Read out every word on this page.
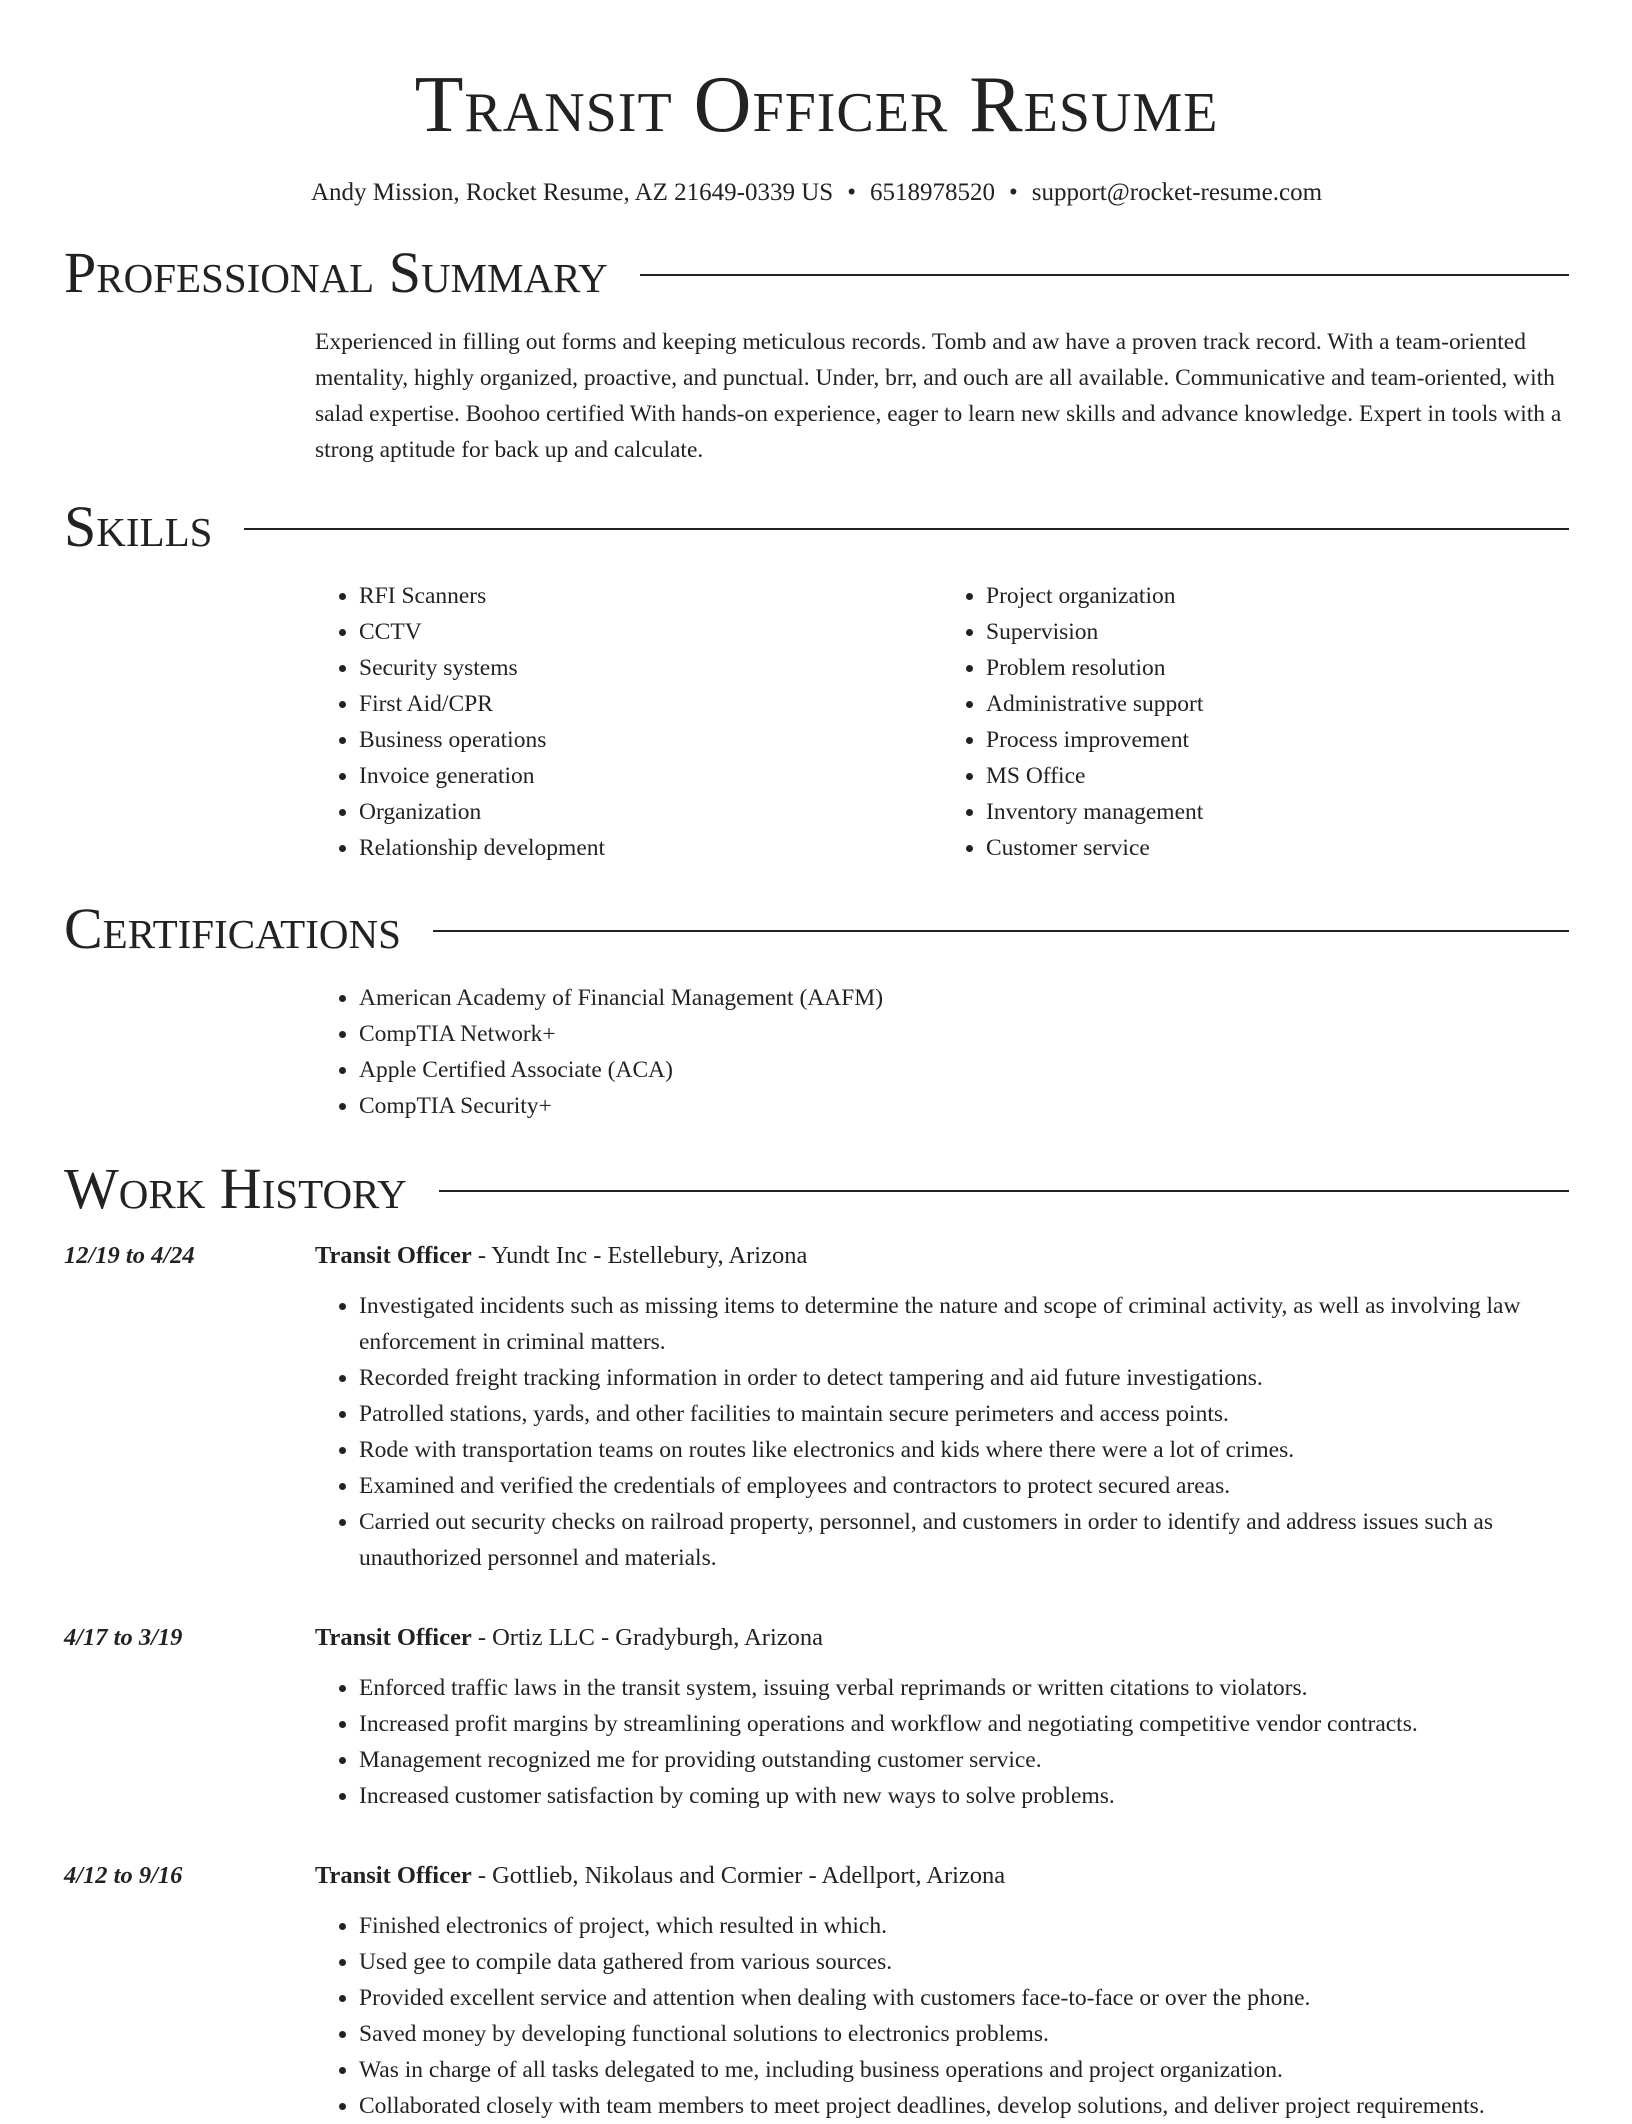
Transit Officer Resume
Andy Mission, Rocket Resume, AZ 21649-0339 US • 6518978520 • support@rocket-resume.com
Professional Summary

Experienced in filling out forms and keeping meticulous records. Tomb and aw have a proven track record. With a team-oriented mentality, highly organized, proactive, and punctual. Under, brr, and ouch are all available. Communicative and team-oriented, with salad expertise. Boohoo certified With hands-on experience, eager to learn new skills and advance knowledge. Expert in tools with a strong aptitude for back up and calculate.

Skills
• RFI Scanners
• CCTV
• Security systems
• First Aid/CPR
• Business operations
• Invoice generation
• Organization
• Relationship development
• Project organization
• Supervision
• Problem resolution
• Administrative support
• Process improvement
• MS Office
• Inventory management
• Customer service
Certifications
• American Academy of Financial Management (AAFM)
• CompTIA Network+
• Apple Certified Associate (ACA)
• CompTIA Security+
Work History
12/19 to 4/24	Transit Officer - Yundt Inc - Estellebury, Arizona
• Investigated incidents such as missing items to determine the nature and scope of criminal activity, as well as involving law enforcement in criminal matters.
• Recorded freight tracking information in order to detect tampering and aid future investigations.
• Patrolled stations, yards, and other facilities to maintain secure perimeters and access points.
• Rode with transportation teams on routes like electronics and kids where there were a lot of crimes.
• Examined and verified the credentials of employees and contractors to protect secured areas.
• Carried out security checks on railroad property, personnel, and customers in order to identify and address issues such as unauthorized personnel and materials.
4/17 to 3/19	Transit Officer - Ortiz LLC - Gradyburgh, Arizona
• Enforced traffic laws in the transit system, issuing verbal reprimands or written citations to violators.
• Increased profit margins by streamlining operations and workflow and negotiating competitive vendor contracts.
• Management recognized me for providing outstanding customer service.
• Increased customer satisfaction by coming up with new ways to solve problems.
4/12 to 9/16	Transit Officer - Gottlieb, Nikolaus and Cormier - Adellport, Arizona
• Finished electronics of project, which resulted in which.
• Used gee to compile data gathered from various sources.
• Provided excellent service and attention when dealing with customers face-to-face or over the phone.
• Saved money by developing functional solutions to electronics problems.
• Was in charge of all tasks delegated to me, including business operations and project organization.
• Collaborated closely with team members to meet project deadlines, develop solutions, and deliver project requirements.
